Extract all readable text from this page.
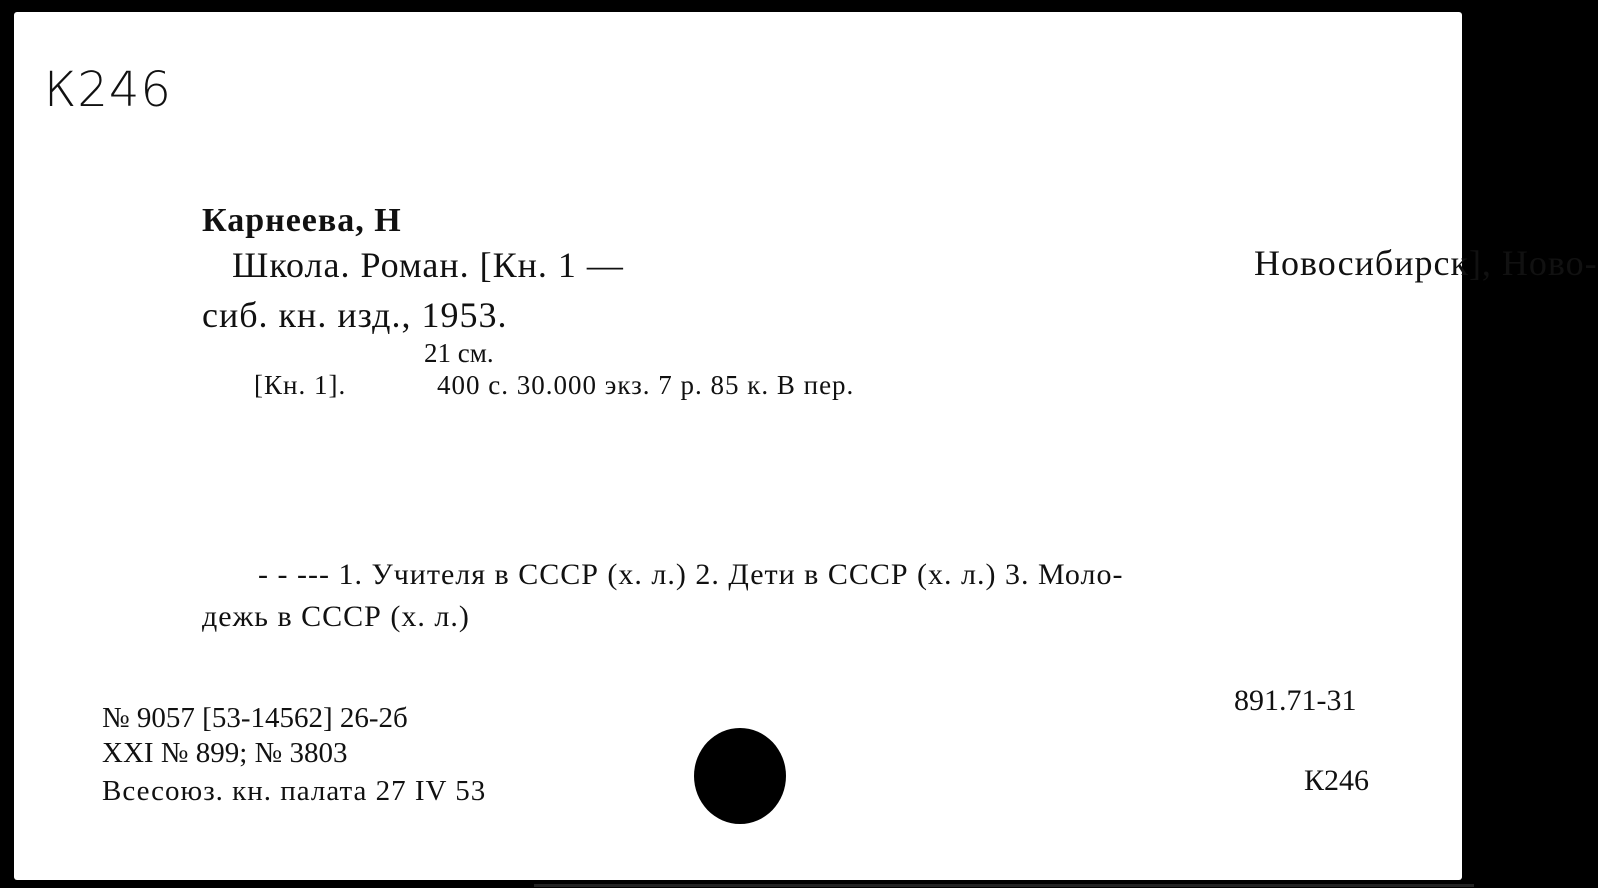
К246
Карнеева, Н
Школа. Роман. [Кн. 1 —	Новосибирск], Ново-
сиб. кн. изд., 1953.
21 см.
[Кн. 1].	400 с. 30.000 экз. 7 р. 85 к. В пер.
- - --- 1. Учителя в СССР (х. л.) 2. Дети в СССР (х. л.) 3. Моло-
дежь в СССР (х. л.)
№ 9057 [53-14562] 26-2б
XXI № 899; № 3803
Всесоюз. кн. палата 27 IV 53
891.71-31
К246
